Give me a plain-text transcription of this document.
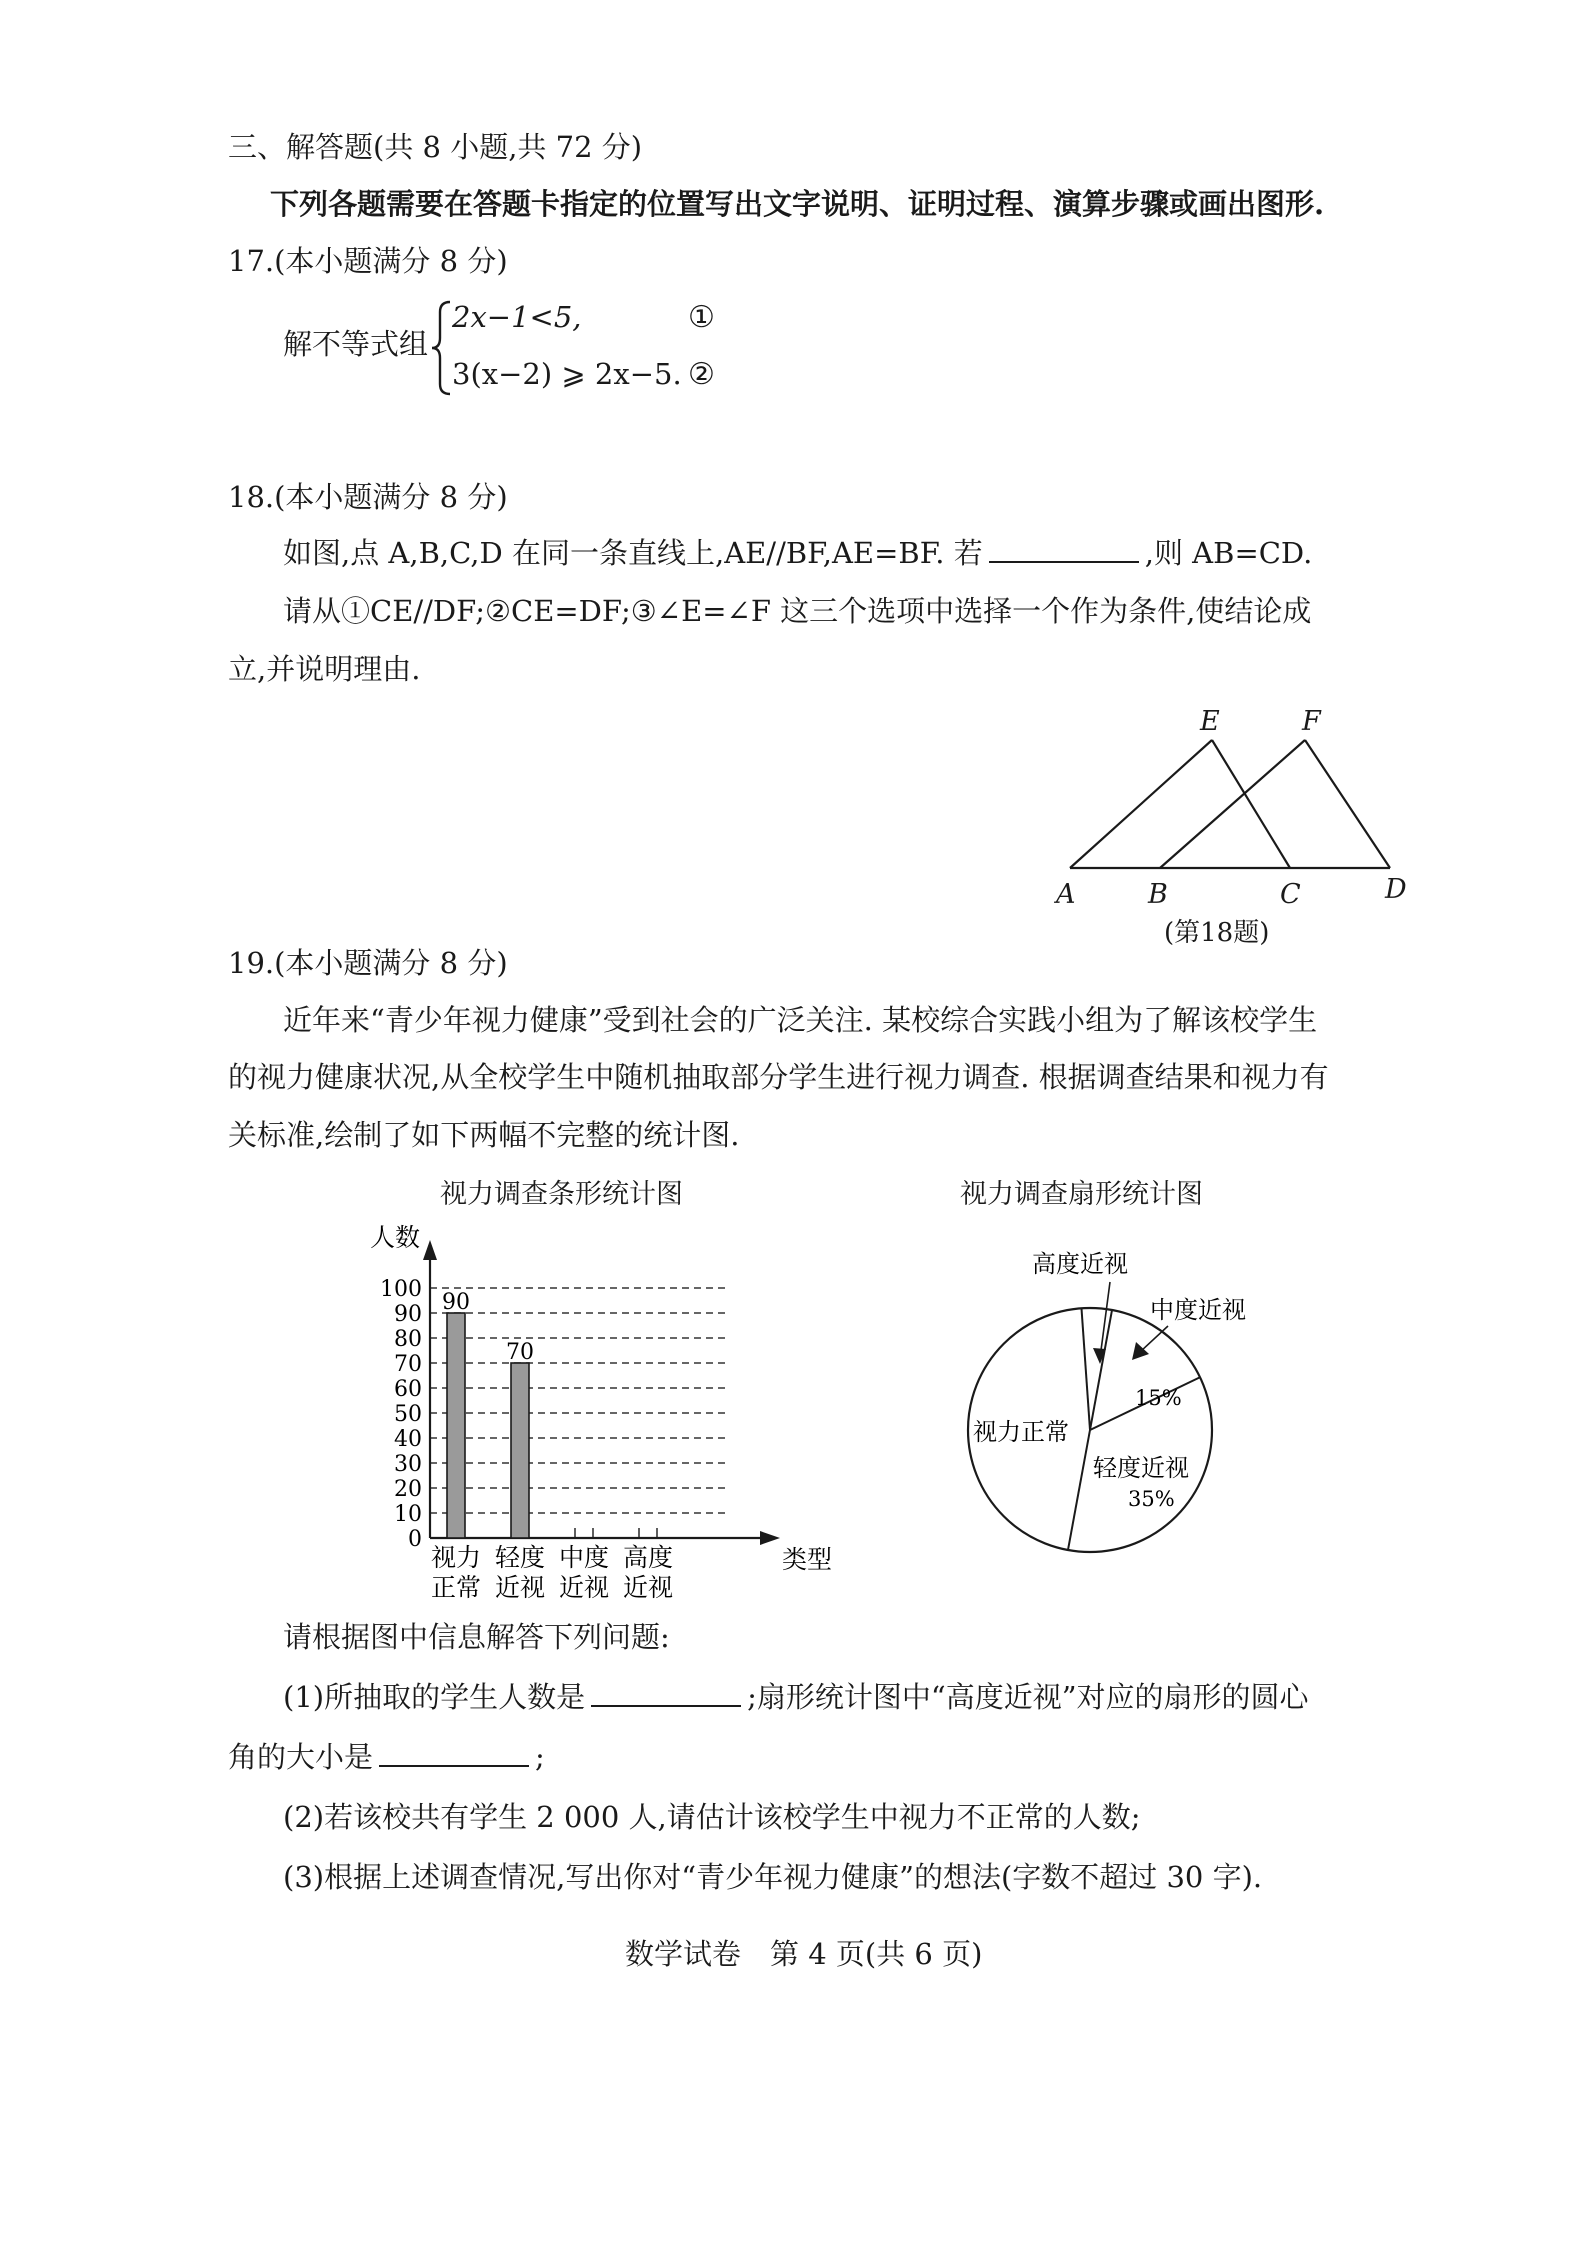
三、解答题(共 8 小题,共 72 分)
下列各题需要在答题卡指定的位置写出文字说明、证明过程、演算步骤或画出图形.
17.(本小题满分 8 分)
解不等式组
2x−1<5,	①
3(x−2) ⩾ 2x−5. ②
18.(本小题满分 8 分)
如图,点 A,B,C,D 在同一条直线上,AE//BF,AE=BF. 若	,则 AB=CD.
请从①CE//DF;②CE=DF;③∠E=∠F 这三个选项中选择一个作为条件,使结论成
立,并说明理由.
A	B	C	D
E	F
(第18题)
19.(本小题满分 8 分)
近年来“青少年视力健康”受到社会的广泛关注. 某校综合实践小组为了解该校学生
的视力健康状况,从全校学生中随机抽取部分学生进行视力调查. 根据调查结果和视力有
关标准,绘制了如下两幅不完整的统计图.
视力调查条形统计图
0
10
20
30
40
50
60
70
80
90
100
人数
类型
90
视力
正常
70
轻度
近视
中度
近视
高度
近视
视力调查扇形统计图
高度近视
中度近视
15%
视力正常
轻度近视
35%
请根据图中信息解答下列问题:
(1)所抽取的学生人数是	;扇形统计图中“高度近视”对应的扇形的圆心
角的大小是	;
(2)若该校共有学生 2 000 人,请估计该校学生中视力不正常的人数;
(3)根据上述调查情况,写出你对“青少年视力健康”的想法(字数不超过 30 字).
数学试卷　第 4 页(共 6 页)
